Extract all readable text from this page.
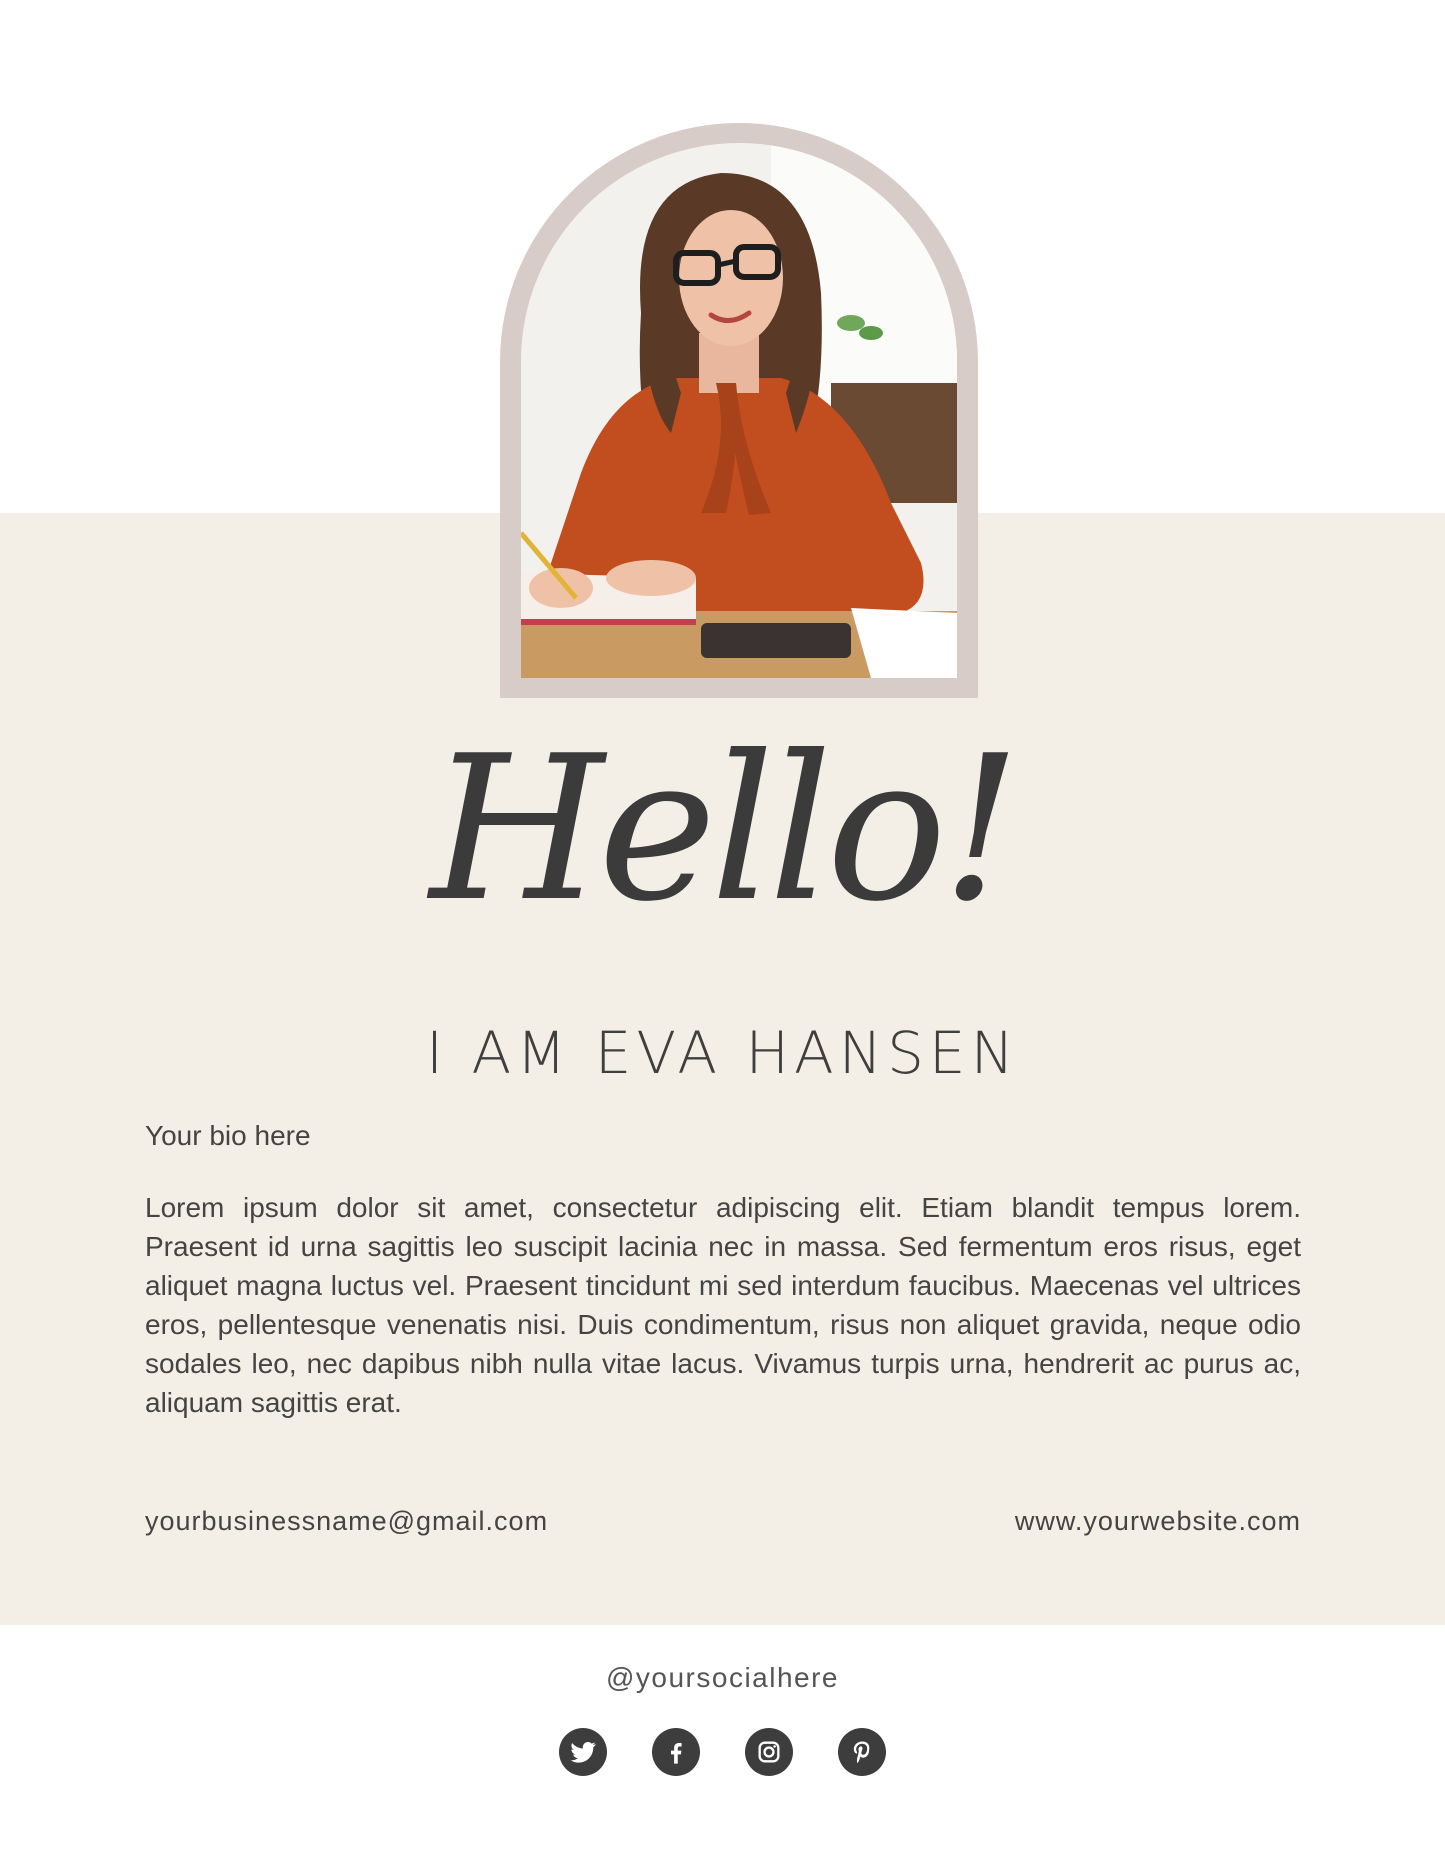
Hello!
I AM EVA HANSEN
Your bio here
Lorem ipsum dolor sit amet, consectetur adipiscing elit. Etiam blandit tempus lorem. Praesent id urna sagittis leo suscipit lacinia nec in massa. Sed fermentum eros risus, eget aliquet magna luctus vel. Praesent tincidunt mi sed interdum faucibus. Maecenas vel ultrices eros, pellentesque venenatis nisi. Duis condimentum, risus non aliquet gravida, neque odio sodales leo, nec dapibus nibh nulla vitae lacus. Vivamus turpis urna, hendrerit ac purus ac, aliquam sagittis erat.
yourbusinessname@gmail.com	www.yourwebsite.com
@yoursocialhere
